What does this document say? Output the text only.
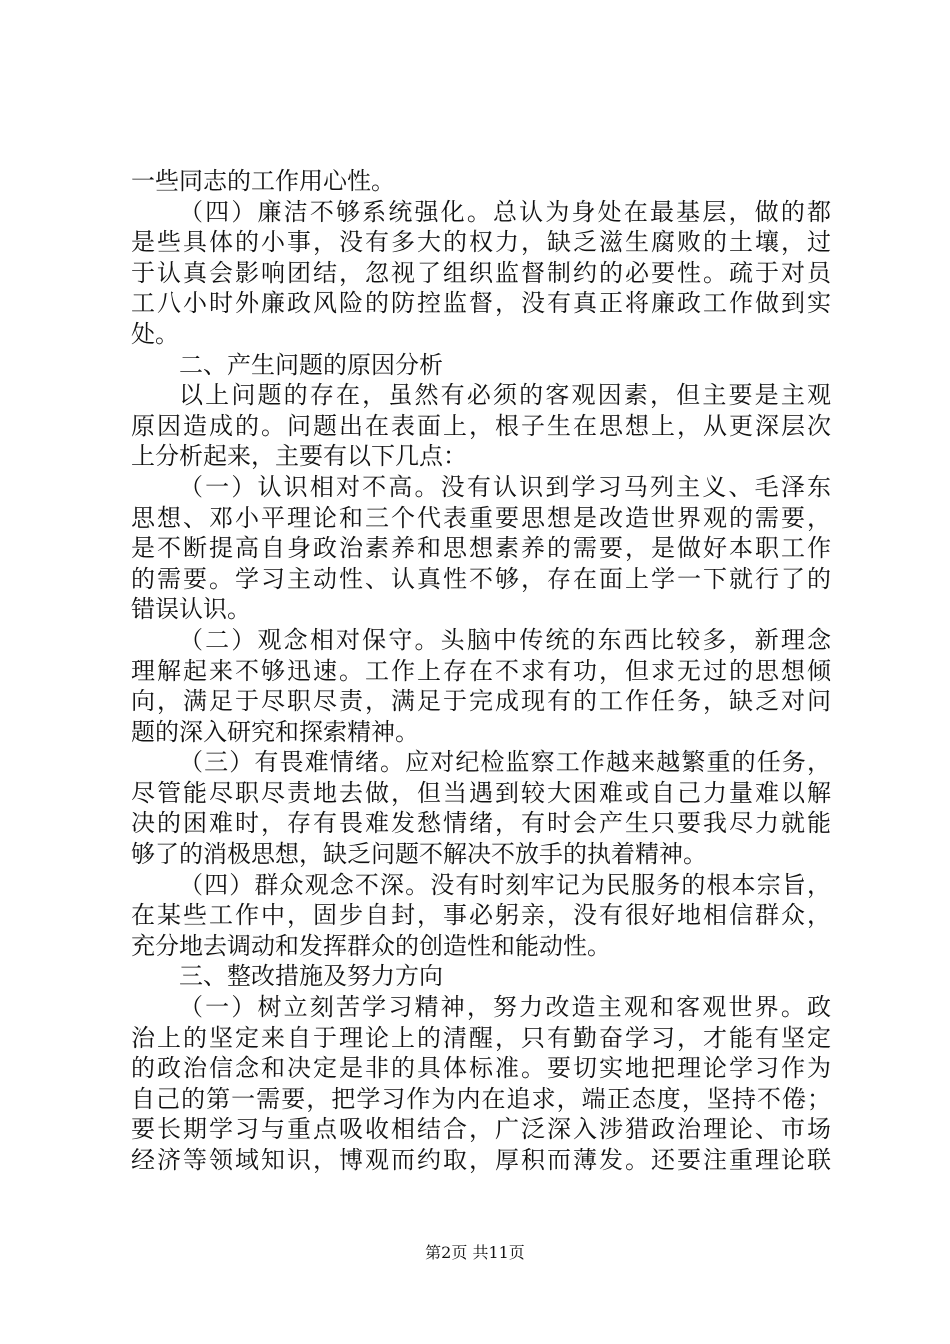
一些同志的工作用心性。
（四）廉洁不够系统强化。总认为身处在最基层，做的都
是些具体的小事，没有多大的权力，缺乏滋生腐败的土壤，过
于认真会影响团结，忽视了组织监督制约的必要性。疏于对员
工八小时外廉政风险的防控监督，没有真正将廉政工作做到实
处。
二、产生问题的原因分析
以上问题的存在，虽然有必须的客观因素，但主要是主观
原因造成的。问题出在表面上，根子生在思想上，从更深层次
上分析起来，主要有以下几点：
（一）认识相对不高。没有认识到学习马列主义、毛泽东
思想、邓小平理论和三个代表重要思想是改造世界观的需要，
是不断提高自身政治素养和思想素养的需要，是做好本职工作
的需要。学习主动性、认真性不够，存在面上学一下就行了的
错误认识。
（二）观念相对保守。头脑中传统的东西比较多，新理念
理解起来不够迅速。工作上存在不求有功，但求无过的思想倾
向，满足于尽职尽责，满足于完成现有的工作任务，缺乏对问
题的深入研究和探索精神。
（三）有畏难情绪。应对纪检监察工作越来越繁重的任务，
尽管能尽职尽责地去做，但当遇到较大困难或自己力量难以解
决的困难时，存有畏难发愁情绪，有时会产生只要我尽力就能
够了的消极思想，缺乏问题不解决不放手的执着精神。
（四）群众观念不深。没有时刻牢记为民服务的根本宗旨，
在某些工作中，固步自封，事必躬亲，没有很好地相信群众，
充分地去调动和发挥群众的创造性和能动性。
三、整改措施及努力方向
（一）树立刻苦学习精神，努力改造主观和客观世界。政
治上的坚定来自于理论上的清醒，只有勤奋学习，才能有坚定
的政治信念和决定是非的具体标准。要切实地把理论学习作为
自己的第一需要，把学习作为内在追求，端正态度，坚持不倦；
要长期学习与重点吸收相结合，广泛深入涉猎政治理论、市场
经济等领域知识，博观而约取，厚积而薄发。还要注重理论联
第2页 共11页
